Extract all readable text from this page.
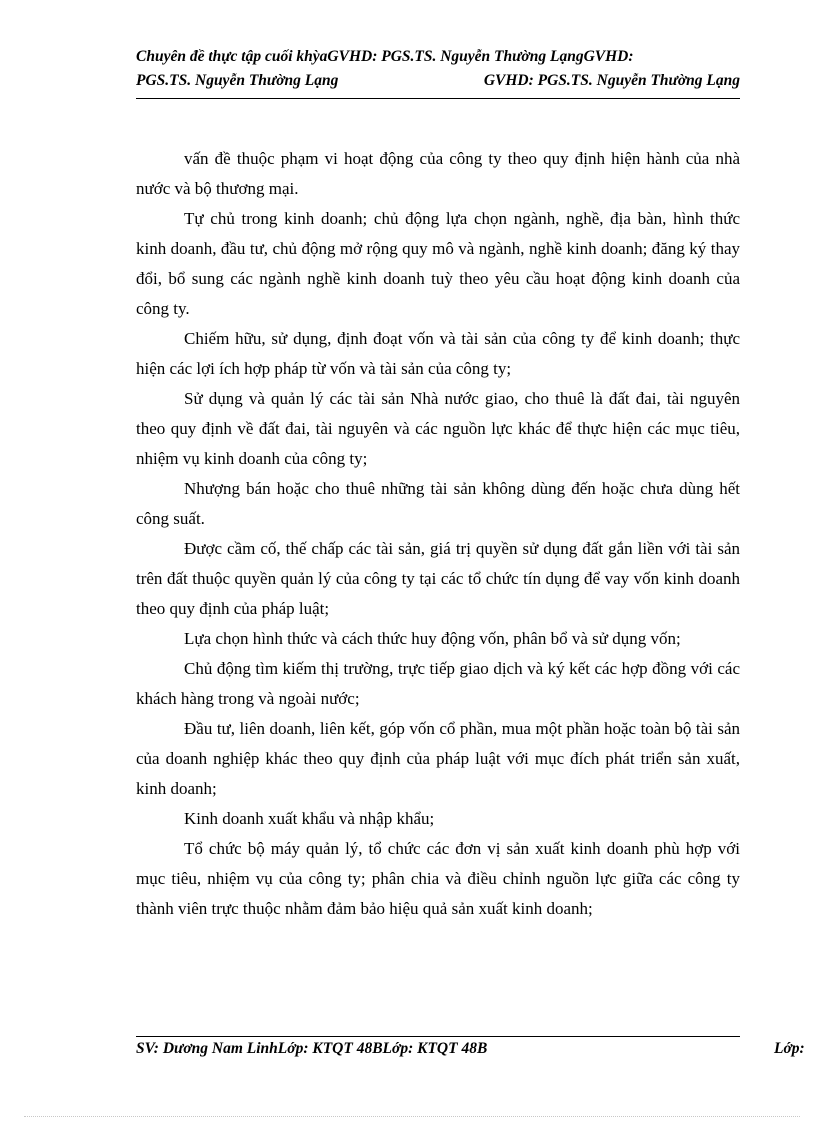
Chuyên đề thực tập cuối khỳaGVHD: PGS.TS. Nguyễn Thường LạngGVHD:
PGS.TS. Nguyễn Thường Lạng	GVHD: PGS.TS. Nguyễn Thường Lạng

vấn đề thuộc phạm vi hoạt động của công ty theo quy định hiện hành của nhà nước và bộ thương mại.

Tự chủ trong kinh doanh; chủ động lựa chọn ngành, nghề, địa bàn, hình thức kinh doanh, đầu tư, chủ động mở rộng quy mô và ngành, nghề kinh doanh; đăng ký thay đổi, bổ sung các ngành nghề kinh doanh tuỳ theo yêu cầu hoạt động kinh doanh của công ty.

Chiếm hữu, sử dụng, định đoạt vốn và tài sản của công ty để kinh doanh; thực hiện các lợi ích hợp pháp từ vốn và tài sản của công ty;

Sử dụng và quản lý các tài sản Nhà nước giao, cho thuê là đất đai, tài nguyên theo quy định về đất đai, tài nguyên và các nguồn lực khác để thực hiện các mục tiêu, nhiệm vụ kinh doanh của công ty;

Nhượng bán hoặc cho thuê những tài sản không dùng đến hoặc chưa dùng hết công suất.

Được cầm cố, thế chấp các tài sản, giá trị quyền sử dụng đất gắn liền với tài sản trên đất thuộc quyền quản lý của công ty tại các tổ chức tín dụng để vay vốn kinh doanh theo quy định của pháp luật;

Lựa chọn hình thức và cách thức huy động vốn, phân bổ và sử dụng vốn;

Chủ động tìm kiếm thị trường, trực tiếp giao dịch và ký kết các hợp đồng với các khách hàng trong và ngoài nước;

Đầu tư, liên doanh, liên kết, góp vốn cổ phần, mua một phần hoặc toàn bộ tài sản của doanh nghiệp khác theo quy định của pháp luật với mục đích phát triển sản xuất, kinh doanh;

Kinh doanh xuất khẩu và nhập khẩu;

Tổ chức bộ máy quản lý, tổ chức các đơn vị sản xuất kinh doanh phù hợp với mục tiêu, nhiệm vụ của công ty; phân chia và điều chỉnh nguồn lực giữa các công ty thành viên trực thuộc nhằm đảm bảo hiệu quả sản xuất kinh doanh;

SV: Dương Nam LinhLớp: KTQT 48BLớp: KTQT 48B	Lớp:
